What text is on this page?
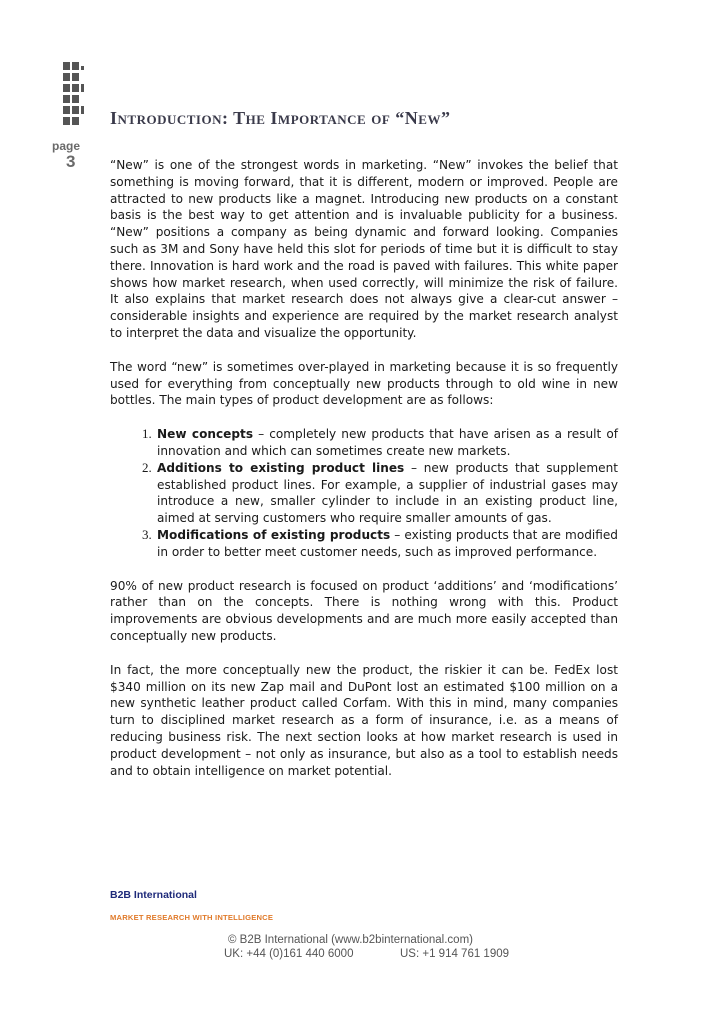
page
3
Introduction: The Importance of “New”

“New” is one of the strongest words in marketing. “New” invokes the belief that something is moving forward, that it is different, modern or improved. People are attracted to new products like a magnet. Introducing new products on a constant basis is the best way to get attention and is invaluable publicity for a business. “New” positions a company as being dynamic and forward looking. Companies such as 3M and Sony have held this slot for periods of time but it is difficult to stay there. Innovation is hard work and the road is paved with failures. This white paper shows how market research, when used correctly, will minimize the risk of failure. It also explains that market research does not always give a clear-cut answer – considerable insights and experience are required by the market research analyst to interpret the data and visualize the opportunity.

The word “new” is sometimes over-played in marketing because it is so frequently used for everything from conceptually new products through to old wine in new bottles. The main types of product development are as follows:

1. New concepts – completely new products that have arisen as a result of innovation and which can sometimes create new markets.
2. Additions to existing product lines – new products that supplement established product lines. For example, a supplier of industrial gases may introduce a new, smaller cylinder to include in an existing product line, aimed at serving customers who require smaller amounts of gas.
3. Modifications of existing products – existing products that are modified in order to better meet customer needs, such as improved performance.

90% of new product research is focused on product ‘additions’ and ‘modifications’ rather than on the concepts. There is nothing wrong with this. Product improvements are obvious developments and are much more easily accepted than conceptually new products.

In fact, the more conceptually new the product, the riskier it can be. FedEx lost $340 million on its new Zap mail and DuPont lost an estimated $100 million on a new synthetic leather product called Corfam. With this in mind, many companies turn to disciplined market research as a form of insurance, i.e. as a means of reducing business risk. The next section looks at how market research is used in product development – not only as insurance, but also as a tool to establish needs and to obtain intelligence on market potential.

B2B International
MARKET RESEARCH WITH INTELLIGENCE
© B2B International (www.b2binternational.com)
UK: +44 (0)161 440 6000	US: +1 914 761 1909
